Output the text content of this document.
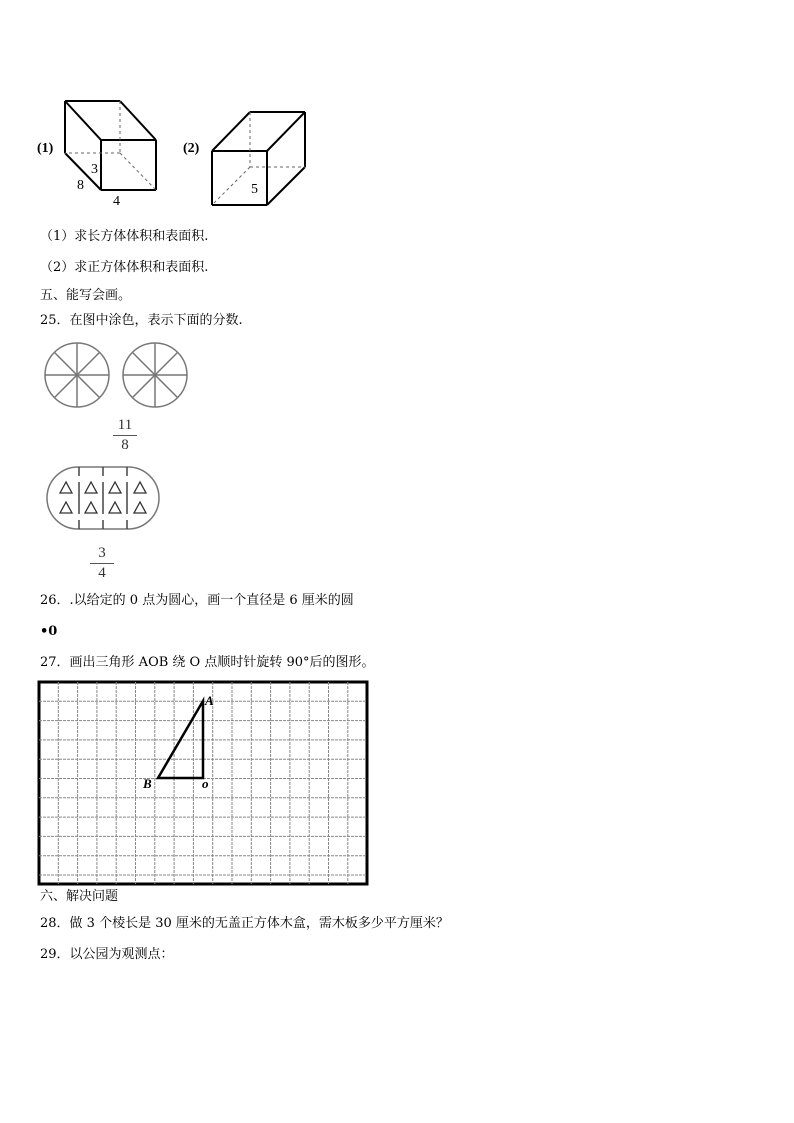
(1)
3
8
4
(2)
5
（1）求长方体体积和表面积.
（2）求正方体体积和表面积.
五、能写会画。
25．在图中涂色，表示下面的分数.
11
8
3
4
26．.以给定的 0 点为圆心，画一个直径是 6 厘米的圆
•0
27．画出三角形 AOB 绕 O 点顺时针旋转 90°后的图形。
A
B	o
六、解决问题
28．做 3 个棱长是 30 厘米的无盖正方体木盒，需木板多少平方厘米？
29．以公园为观测点：
